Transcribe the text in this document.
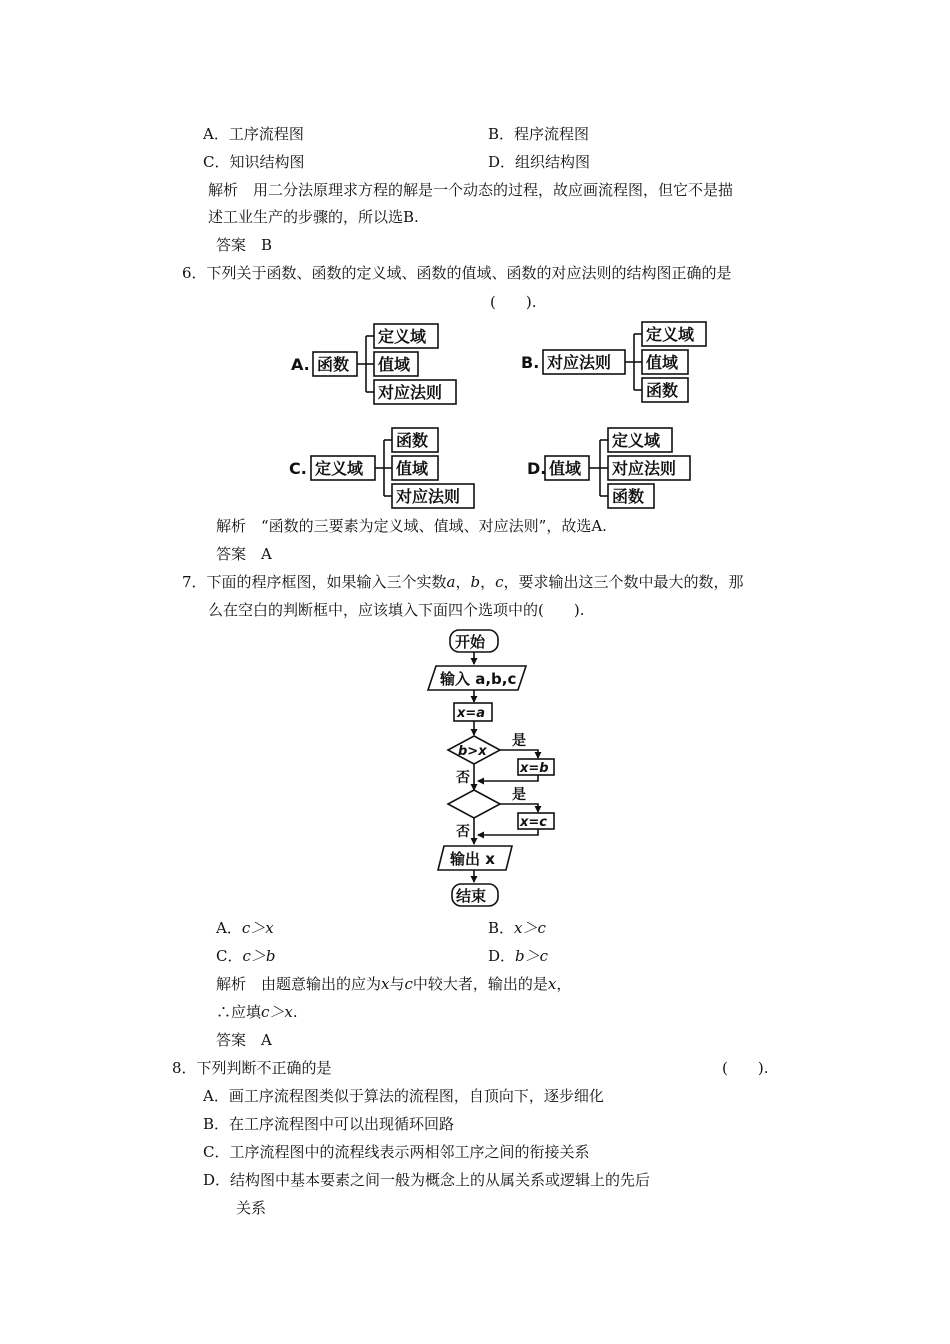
A．工序流程图	B．程序流程图
C．知识结构图	D．组织结构图
解析　用二分法原理求方程的解是一个动态的过程，故应画流程图，但它不是描
述工业生产的步骤的，所以选B.
答案　B
6．下列关于函数、函数的定义域、函数的值域、函数的对应法则的结构图正确的是
(　　).
A. 函数
定义域
值域
对应法则
B. 对应法则
定义域
值域
函数
C. 定义域
函数
值域
对应法则
D. 值域
定义域
对应法则
函数
解析　“函数的三要素为定义域、值域、对应法则”，故选A.
答案　A
7．下面的程序框图，如果输入三个实数a，b，c，要求输出这三个数中最大的数，那
么在空白的判断框中，应该填入下面四个选项中的(　　).
开始
输入 a,b,c
x=a
b>x
是
x=b
否
是
x=c
否
输出 x
结束
A．c＞x	B．x＞c
C．c＞b	D．b＞c
解析　由题意输出的应为x与c中较大者，输出的是x，
∴应填c＞x.
答案　A
8．下列判断不正确的是	(　　).
A．画工序流程图类似于算法的流程图，自顶向下，逐步细化
B．在工序流程图中可以出现循环回路
C．工序流程图中的流程线表示两相邻工序之间的衔接关系
D．结构图中基本要素之间一般为概念上的从属关系或逻辑上的先后
关系
